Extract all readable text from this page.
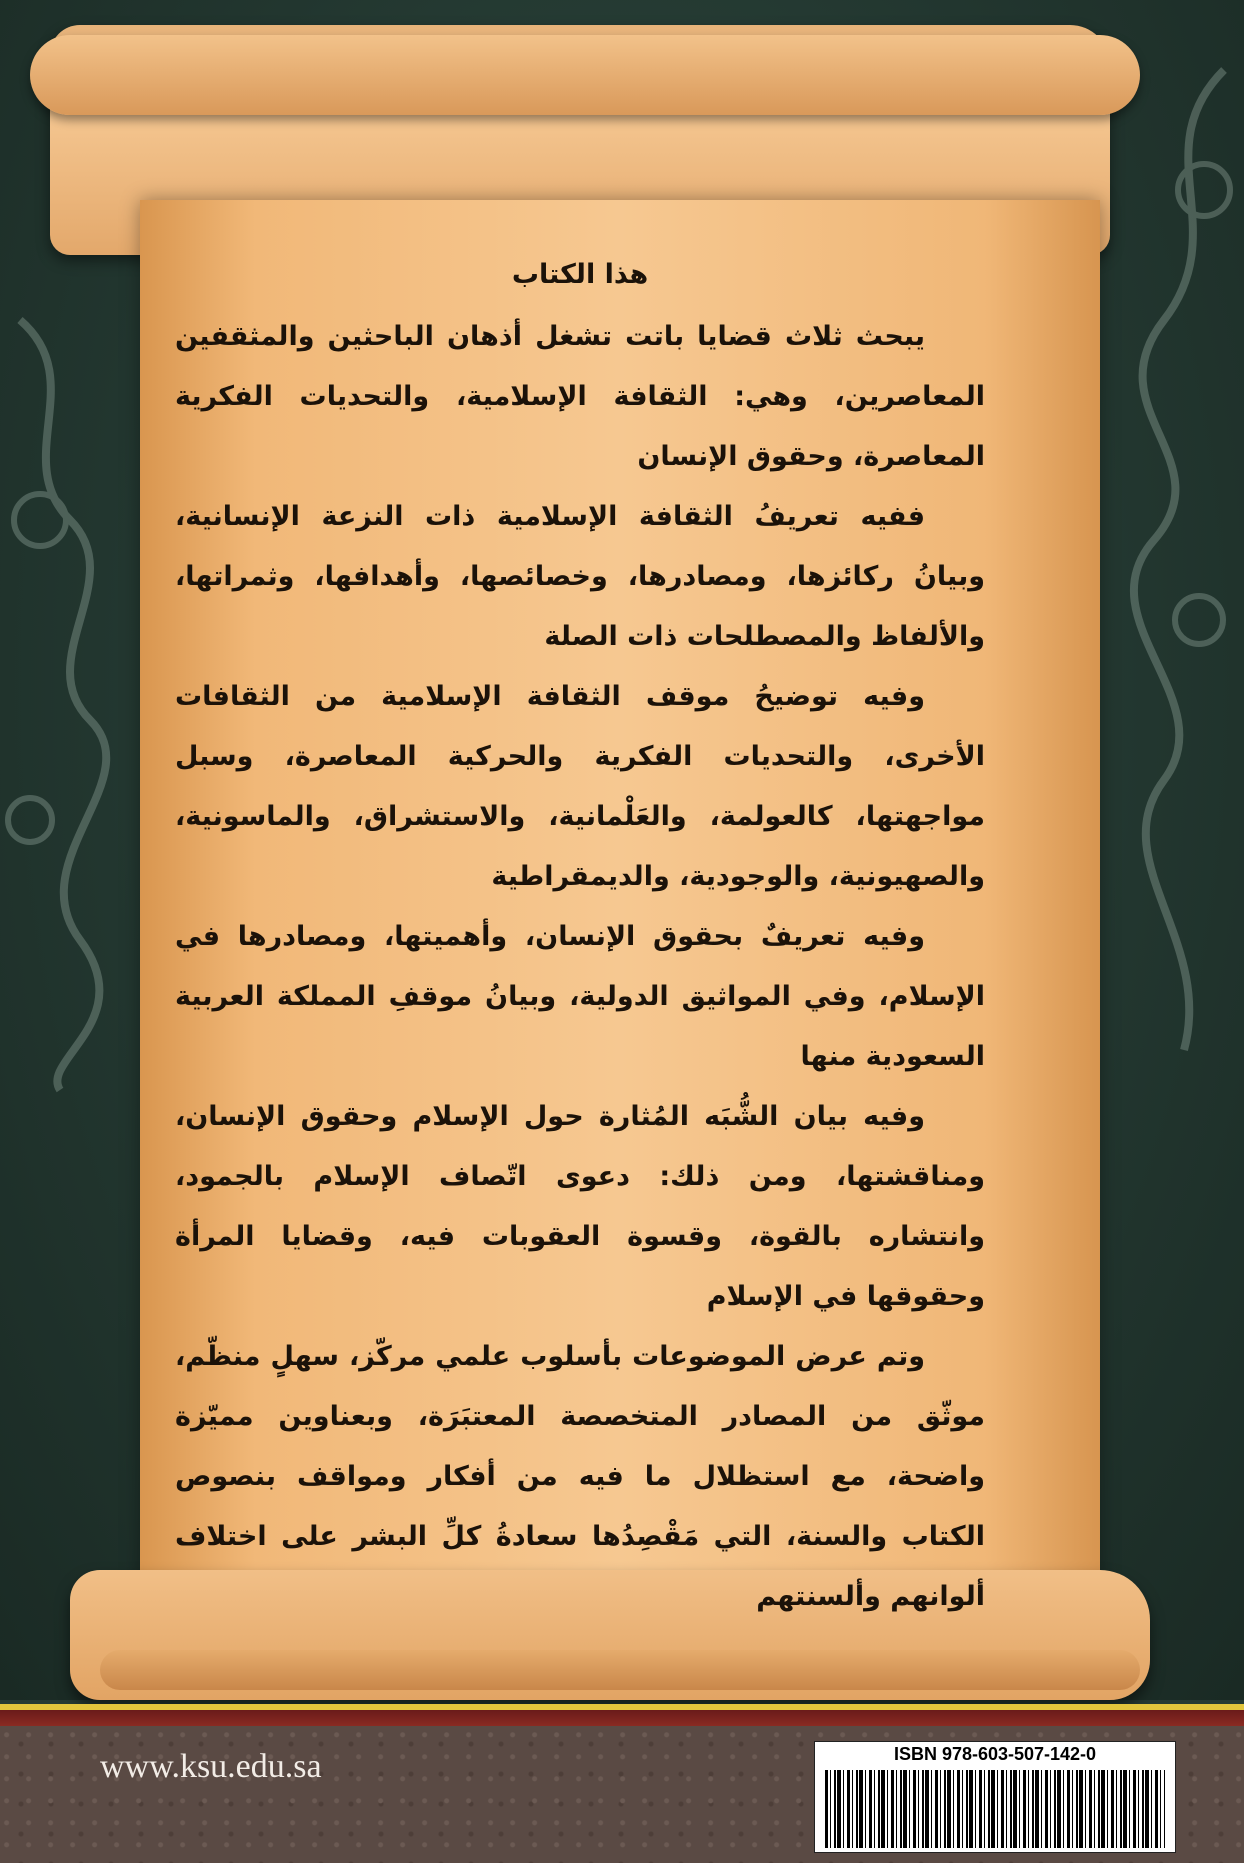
هذا الكتاب

يبحث ثلاث قضايا باتت تشغل أذهان الباحثين والمثقفين المعاصرين، وهي: الثقافة الإسلامية، والتحديات الفكرية المعاصرة، وحقوق الإنسان

ففيه تعريفُ الثقافة الإسلامية ذات النزعة الإنسانية، وبيانُ ركائزها، ومصادرها، وخصائصها، وأهدافها، وثمراتها، والألفاظ والمصطلحات ذات الصلة

وفيه توضيحُ موقف الثقافة الإسلامية من الثقافات الأخرى، والتحديات الفكرية والحركية المعاصرة، وسبل مواجهتها، كالعولمة، والعَلْمانية، والاستشراق، والماسونية، والصهيونية، والوجودية، والديمقراطية

وفيه تعريفٌ بحقوق الإنسان، وأهميتها، ومصادرها في الإسلام، وفي المواثيق الدولية، وبيانُ موقفِ المملكة العربية السعودية منها

وفيه بيان الشُّبَه المُثارة حول الإسلام وحقوق الإنسان، ومناقشتها، ومن ذلك: دعوى اتّصاف الإسلام بالجمود، وانتشاره بالقوة، وقسوة العقوبات فيه، وقضايا المرأة وحقوقها في الإسلام

وتم عرض الموضوعات بأسلوب علمي مركّز، سهلٍ منظّم، موثّق من المصادر المتخصصة المعتبَرَة، وبعناوين مميّزة واضحة، مع استظلال ما فيه من أفكار ومواقف بنصوص الكتاب والسنة، التي مَقْصِدُها سعادةُ كلِّ البشر على اختلاف ألوانهم وألسنتهم

www.ksu.edu.sa	ISBN 978-603-507-142-0
